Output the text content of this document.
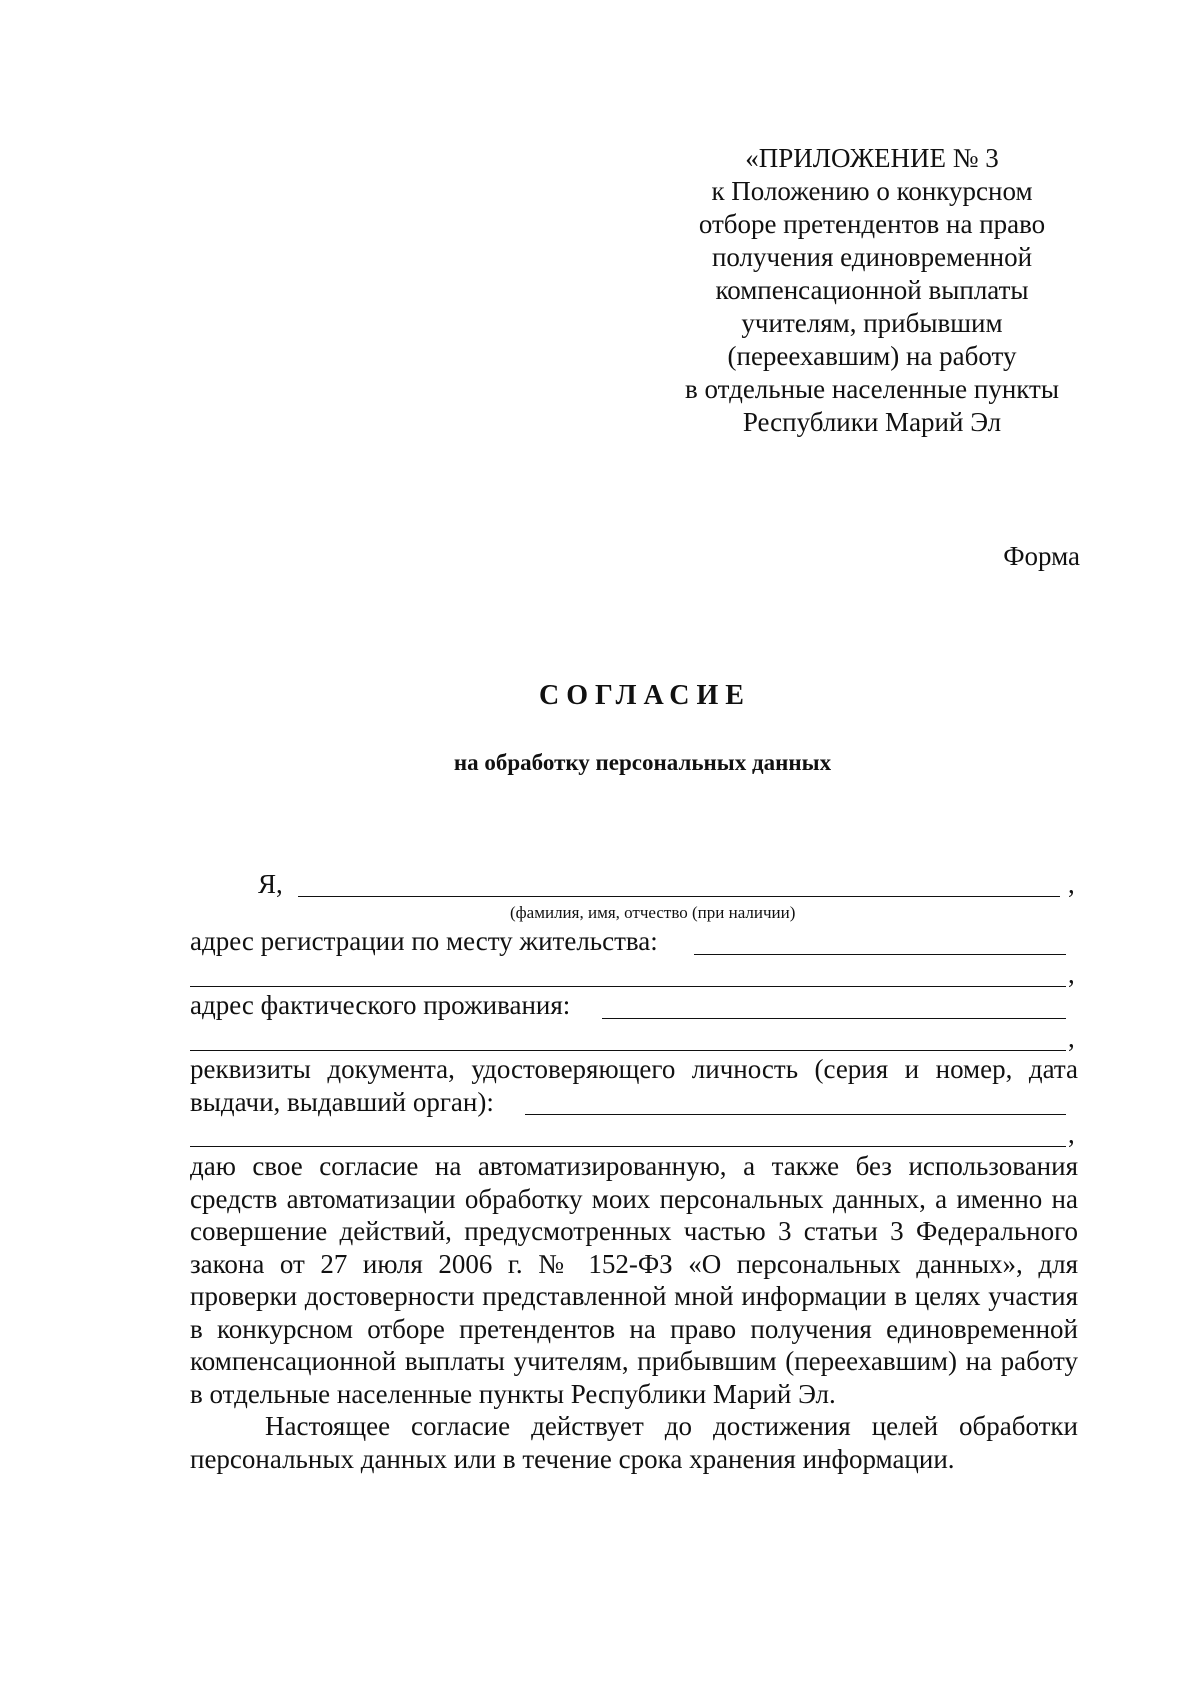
«ПРИЛОЖЕНИЕ № 3
к Положению о конкурсном
отборе претендентов на право
получения единовременной
компенсационной выплаты
учителям, прибывшим
(переехавшим) на работу
в отдельные населенные пункты
Республики Марий Эл
Форма
СОГЛАСИЕ
на обработку персональных данных
Я,	,
(фамилия, имя, отчество (при наличии)
адрес регистрации по месту жительства:
,
адрес фактического проживания:
,
реквизиты документа, удостоверяющего личность (серия и номер, дата
выдачи, выдавший орган):
,

даю свое согласие на автоматизированную, а также без использования средств автоматизации обработку моих персональных данных, а именно на совершение действий, предусмотренных частью 3 статьи 3 Федерального закона от 27 июля 2006 г. № 152-ФЗ «О персональных данных», для проверки достоверности представленной мной информации в целях участия в конкурсном отборе претендентов на право получения единовременной компенсационной выплаты учителям, прибывшим (переехавшим) на работу в отдельные населенные пункты Республики Марий Эл.

Настоящее согласие действует до достижения целей обработки персональных данных или в течение срока хранения информации.
